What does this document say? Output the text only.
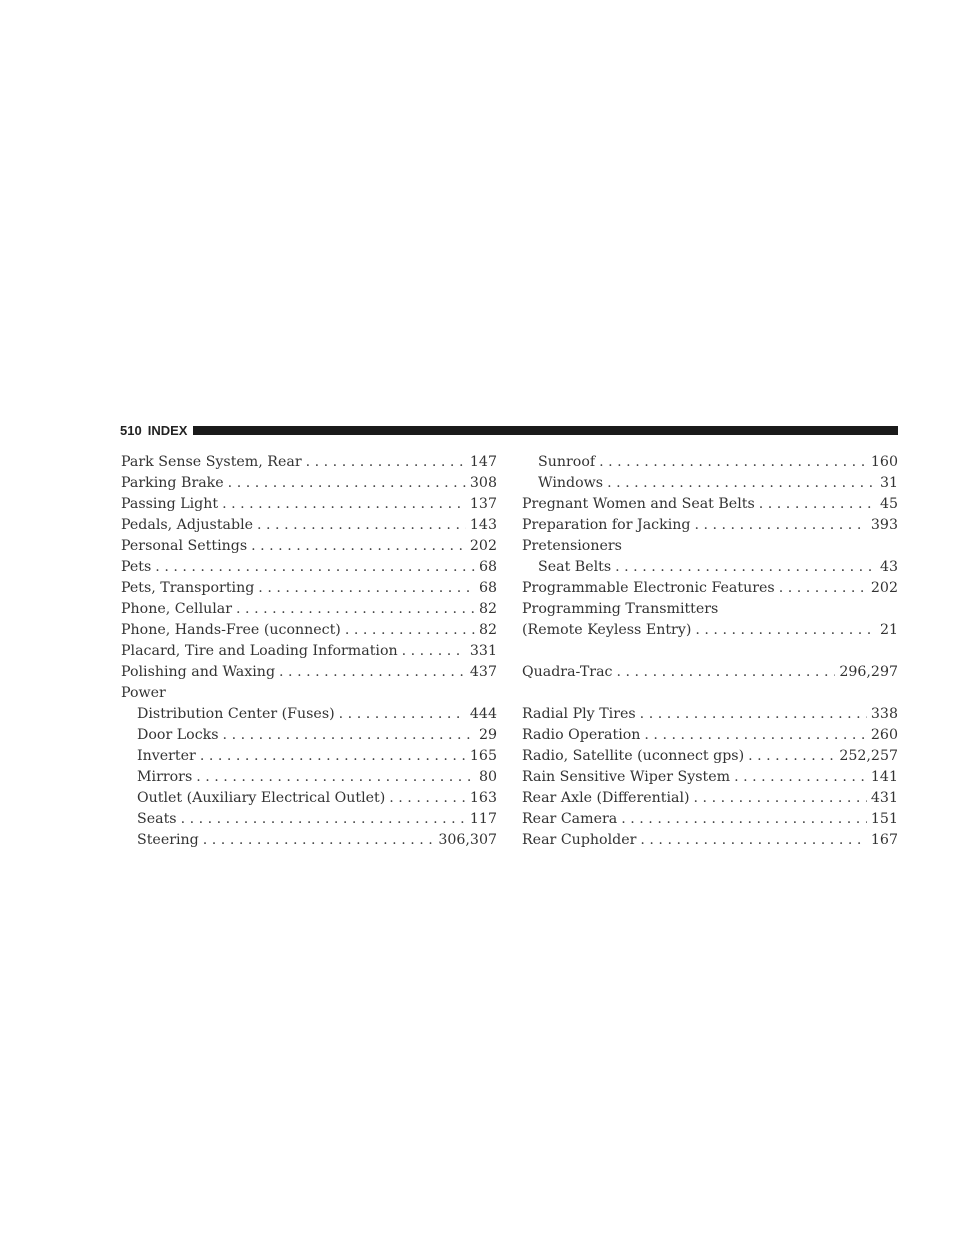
510 INDEX
Park Sense System, Rear . . .	147
Parking Brake . . .	308
Passing Light . . .	137
Pedals, Adjustable . . .	143
Personal Settings . . .	202
Pets . . .	68
Pets, Transporting . . .	68
Phone, Cellular . . .	82
Phone, Hands-Free (uconnect) . . .	82
Placard, Tire and Loading Information . . .	331
Polishing and Waxing . . .	437
Power
Distribution Center (Fuses) . . .	444
Door Locks . . .	29
Inverter . . .	165
Mirrors . . .	80
Outlet (Auxiliary Electrical Outlet) . . .	163
Seats . . .	117
Steering . . .	306,307
Sunroof . . .	160
Windows . . .	31
Pregnant Women and Seat Belts . . .	45
Preparation for Jacking . . .	393
Pretensioners
Seat Belts . . .	43
Programmable Electronic Features . . .	202
Programming Transmitters
(Remote Keyless Entry) . . .	21
Quadra-Trac . . .	296,297
Radial Ply Tires . . .	338
Radio Operation . . .	260
Radio, Satellite (uconnect gps) . . .	252,257
Rain Sensitive Wiper System . . .	141
Rear Axle (Differential) . . .	431
Rear Camera . . .	151
Rear Cupholder . . .	167
